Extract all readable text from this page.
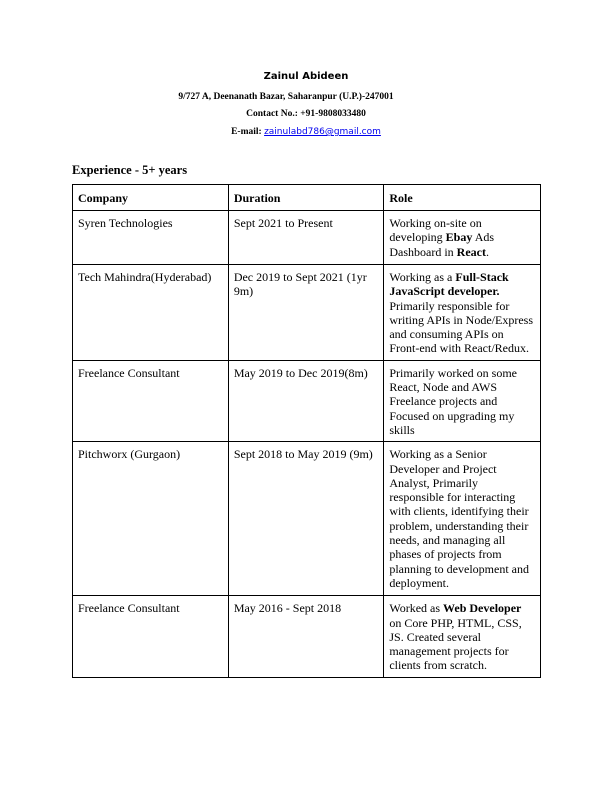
Zainul Abideen
9/727 A, Deenanath Bazar, Saharanpur (U.P.)-247001
Contact No.: +91-9808033480
E-mail: zainulabd786@gmail.com
Experience - 5+ years
Company	Duration	Role
Syren Technologies	Sept 2021 to Present	Working on-site on developing Ebay Ads Dashboard in React.
Tech Mahindra(Hyderabad)	Dec 2019 to Sept 2021 (1yr 9m)	Working as a Full-Stack JavaScript developer. Primarily responsible for writing APIs in Node/Express and consuming APIs on Front-end with React/Redux.
Freelance Consultant	May 2019 to Dec 2019(8m)	Primarily worked on some React, Node and AWS Freelance projects and Focused on upgrading my skills
Pitchworx (Gurgaon)	Sept 2018 to May 2019 (9m)	Working as a Senior Developer and Project Analyst, Primarily responsible for interacting with clients, identifying their problem, understanding their needs, and managing all phases of projects from planning to development and deployment.
Freelance Consultant	May 2016 - Sept 2018	Worked as Web Developer on Core PHP, HTML, CSS, JS. Created several management projects for clients from scratch.
